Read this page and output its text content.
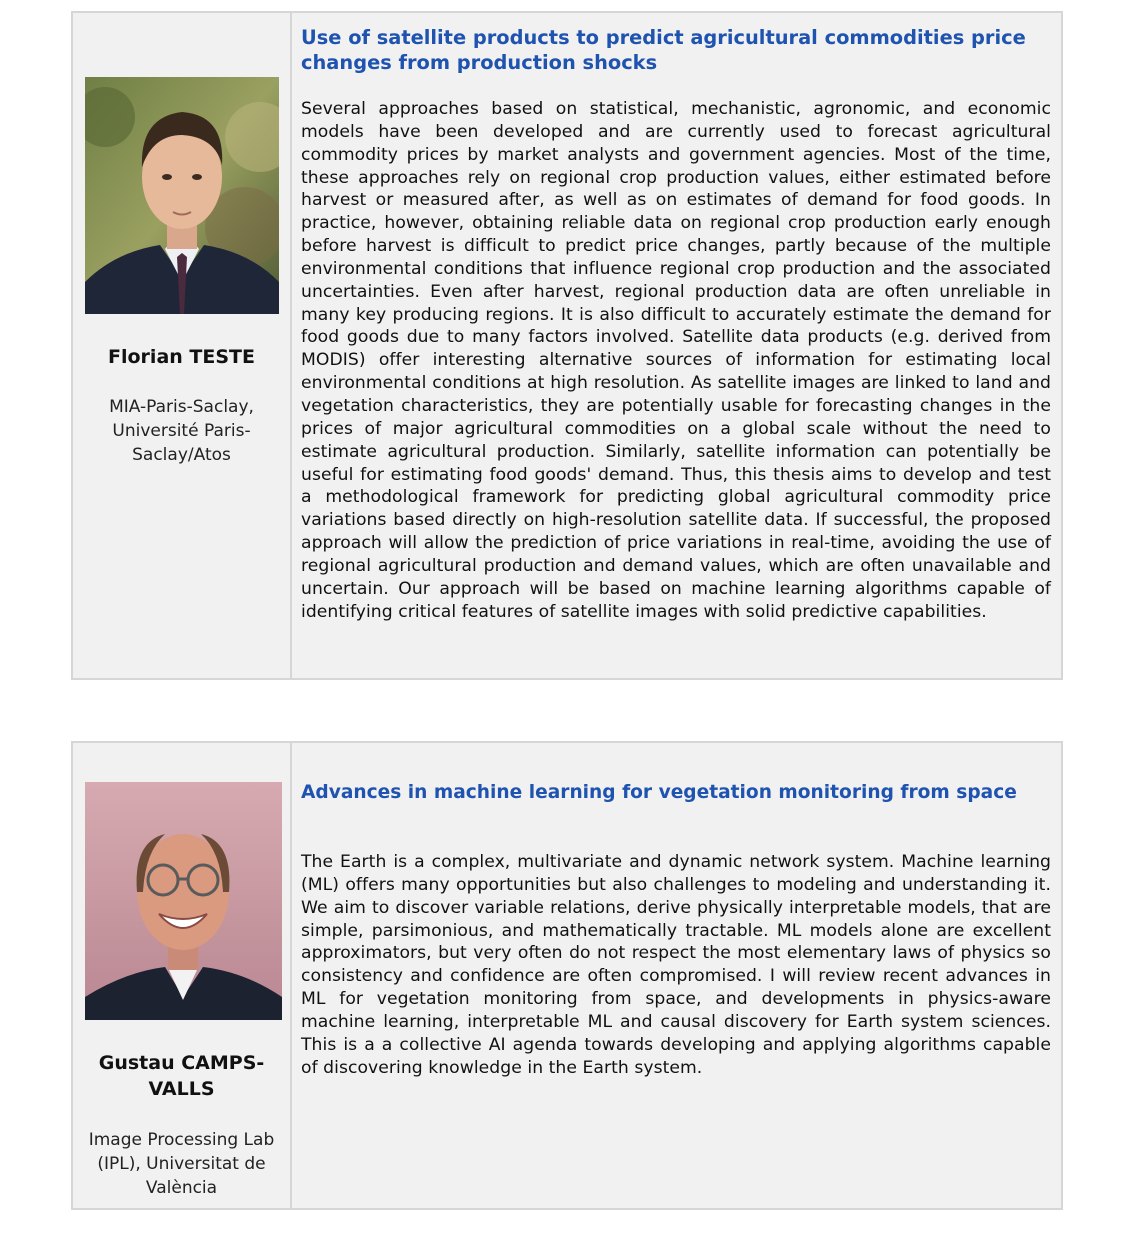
Florian TESTE
MIA-Paris-Saclay, Université Paris-Saclay/Atos
Use of satellite products to predict agricultural commodities price changes from production shocks
Several approaches based on statistical, mechanistic, agronomic, and economic models have been developed and are currently used to forecast agricultural commodity prices by market analysts and government agencies. Most of the time, these approaches rely on regional crop production values, either estimated before harvest or measured after, as well as on estimates of demand for food goods. In practice, however, obtaining reliable data on regional crop production early enough before harvest is difficult to predict price changes, partly because of the multiple environmental conditions that influence regional crop production and the associated uncertainties. Even after harvest, regional production data are often unreliable in many key producing regions. It is also difficult to accurately estimate the demand for food goods due to many factors involved. Satellite data products (e.g. derived from MODIS) offer interesting alternative sources of information for estimating local environmental conditions at high resolution. As satellite images are linked to land and vegetation characteristics, they are potentially usable for forecasting changes in the prices of major agricultural commodities on a global scale without the need to estimate agricultural production. Similarly, satellite information can potentially be useful for estimating food goods' demand. Thus, this thesis aims to develop and test a methodological framework for predicting global agricultural commodity price variations based directly on high-resolution satellite data. If successful, the proposed approach will allow the prediction of price variations in real-time, avoiding the use of regional agricultural production and demand values, which are often unavailable and uncertain. Our approach will be based on machine learning algorithms capable of identifying critical features of satellite images with solid predictive capabilities.
Gustau CAMPS-VALLS
Image Processing Lab (IPL), Universitat de València
Advances in machine learning for vegetation monitoring from space
The Earth is a complex, multivariate and dynamic network system. Machine learning (ML) offers many opportunities but also challenges to modeling and understanding it. We aim to discover variable relations, derive physically interpretable models, that are simple, parsimonious, and mathematically tractable. ML models alone are excellent approximators, but very often do not respect the most elementary laws of physics so consistency and confidence are often compromised. I will review recent advances in ML for vegetation monitoring from space, and developments in physics-aware machine learning, interpretable ML and causal discovery for Earth system sciences. This is a a collective AI agenda towards developing and applying algorithms capable of discovering knowledge in the Earth system.
